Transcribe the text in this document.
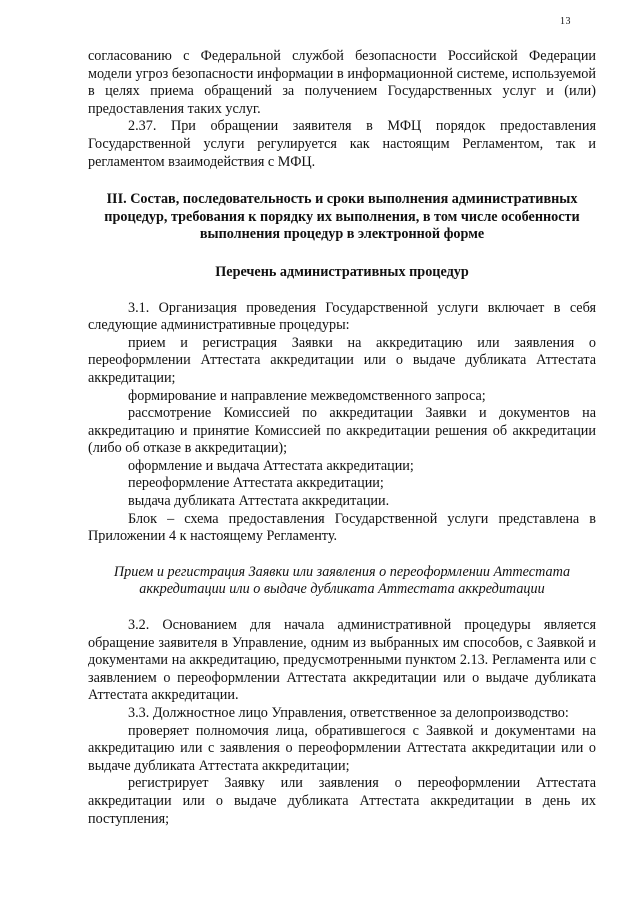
13

согласованию с Федеральной службой безопасности Российской Федерации модели угроз безопасности информации в информационной системе, используемой в целях приема обращений за получением Государственных услуг и (или) предоставления таких услуг.

2.37. При обращении заявителя в МФЦ порядок предоставления Государственной услуги регулируется как настоящим Регламентом, так и регламентом взаимодействия с МФЦ.

III. Состав, последовательность и сроки выполнения административных процедур, требования к порядку их выполнения, в том числе особенности выполнения процедур в электронной форме

Перечень административных процедур

3.1. Организация проведения Государственной услуги включает в себя следующие административные процедуры:

прием и регистрация Заявки на аккредитацию или заявления о переоформлении Аттестата аккредитации или о выдаче дубликата Аттестата аккредитации;

формирование и направление межведомственного запроса;

рассмотрение Комиссией по аккредитации Заявки и документов на аккредитацию и принятие Комиссией по аккредитации решения об аккредитации (либо об отказе в аккредитации);

оформление и выдача Аттестата аккредитации;

переоформление Аттестата аккредитации;

выдача дубликата Аттестата аккредитации.

Блок – схема предоставления Государственной услуги представлена в Приложении 4 к настоящему Регламенту.

Прием и регистрация Заявки или заявления о переоформлении Аттестата аккредитации или о выдаче дубликата Аттестата аккредитации

3.2. Основанием для начала административной процедуры является обращение заявителя в Управление, одним из выбранных им способов, с Заявкой и документами на аккредитацию, предусмотренными пунктом 2.13. Регламента или с заявлением о переоформлении Аттестата аккредитации или о выдаче дубликата Аттестата аккредитации.

3.3. Должностное лицо Управления, ответственное за делопроизводство:

проверяет полномочия лица, обратившегося с Заявкой и документами на аккредитацию или с заявления о переоформлении Аттестата аккредитации или о выдаче дубликата Аттестата аккредитации;

регистрирует Заявку или заявления о переоформлении Аттестата аккредитации или о выдаче дубликата Аттестата аккредитации в день их поступления;
